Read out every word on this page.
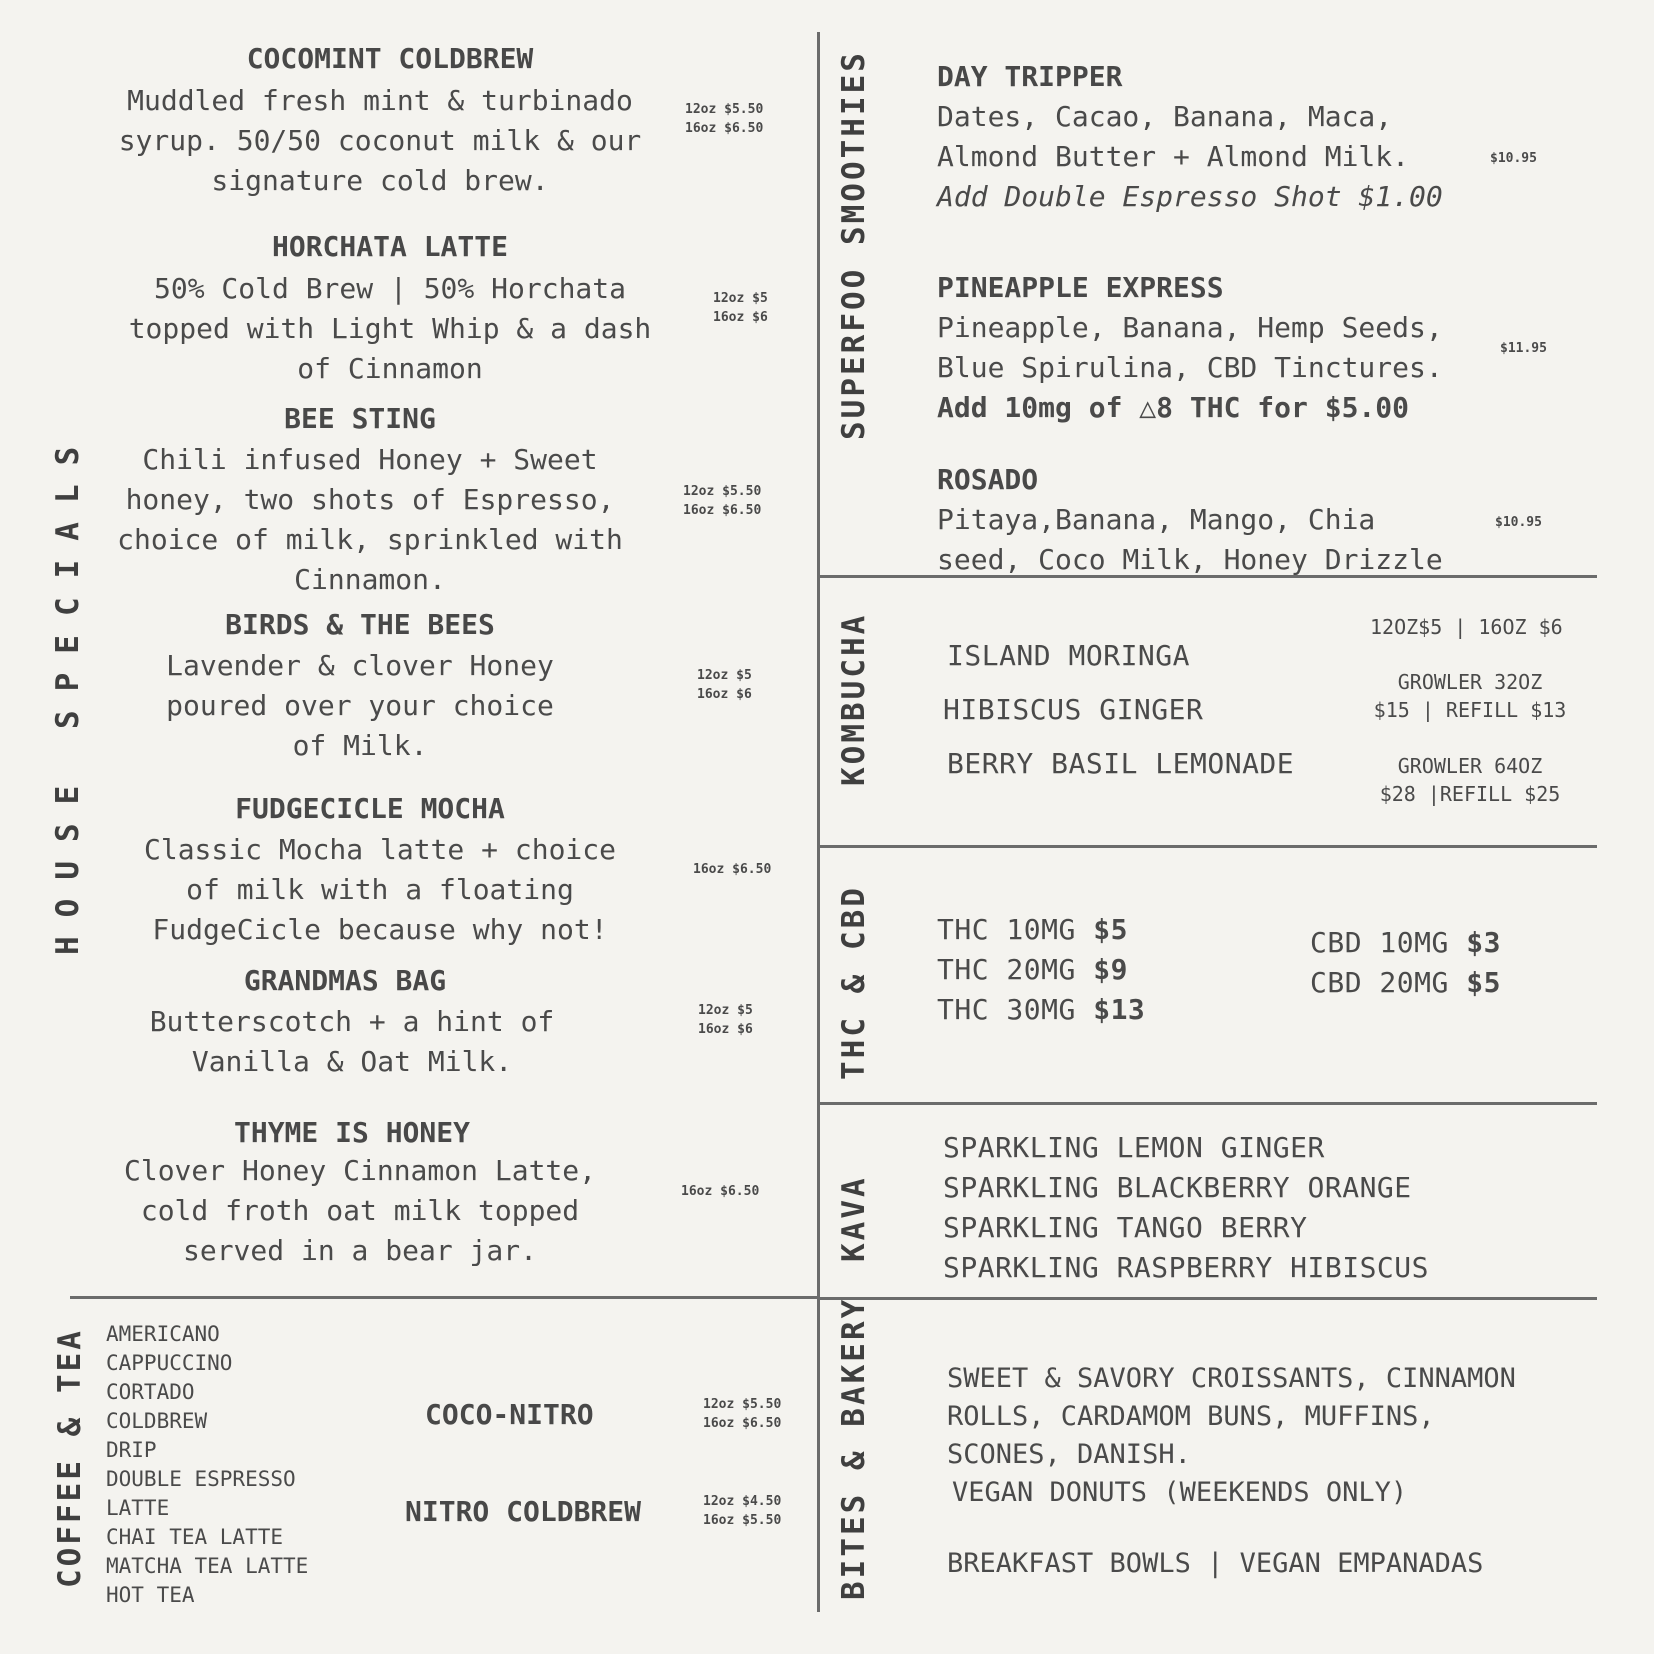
HOUSE SPECIALS
COCOMINT COLDBREW
Muddled fresh mint & turbinado
syrup. 50/50 coconut milk & our
signature cold brew.
12oz $5.50
16oz $6.50
HORCHATA LATTE
50% Cold Brew | 50% Horchata
topped with Light Whip & a dash
of Cinnamon
12oz $5
16oz $6
BEE STING
Chili infused Honey + Sweet
honey, two shots of Espresso,
choice of milk, sprinkled with
Cinnamon.
12oz $5.50
16oz $6.50
BIRDS & THE BEES
Lavender & clover Honey
poured over your choice
of Milk.
12oz $5
16oz $6
FUDGECICLE MOCHA
Classic Mocha latte + choice
of milk with a floating
FudgeCicle because why not!
16oz $6.50
GRANDMAS BAG
Butterscotch + a hint of
Vanilla & Oat Milk.
12oz $5
16oz $6
THYME IS HONEY
Clover Honey Cinnamon Latte,
cold froth oat milk topped
served in a bear jar.
16oz $6.50
COFFEE & TEA AMERICANO
CAPPUCCINO
CORTADO
COLDBREW
DRIP
DOUBLE ESPRESSO
LATTE
CHAI TEA LATTE
MATCHA TEA LATTE
HOT TEA
COCO-NITRO	12oz $5.50
16oz $6.50
NITRO COLDBREW	12oz $4.50
16oz $5.50
SUPERFOO SMOOTHIES DAY TRIPPER
Dates, Cacao, Banana, Maca,
Almond Butter + Almond Milk.
Add Double Espresso Shot $1.00
$10.95
PINEAPPLE EXPRESS
Pineapple, Banana, Hemp Seeds,
Blue Spirulina, CBD Tinctures.
Add 10mg of △8 THC for $5.00
$11.95
ROSADO
Pitaya,Banana, Mango, Chia
seed, Coco Milk, Honey Drizzle
$10.95
KOMBUCHA	ISLAND MORINGA
HIBISCUS GINGER
BERRY BASIL LEMONADE
12OZ$5 | 16OZ $6
GROWLER 32OZ
$15 | REFILL $13
GROWLER 64OZ
$28 |REFILL $25
THC & CBD THC 10MG $5
THC 20MG $9
THC 30MG $13
CBD 10MG $3
CBD 20MG $5
KAVA
SPARKLING LEMON GINGER
SPARKLING BLACKBERRY ORANGE
SPARKLING TANGO BERRY
SPARKLING RASPBERRY HIBISCUS
BITES & BAKERY	SWEET & SAVORY CROISSANTS, CINNAMON
ROLLS, CARDAMOM BUNS, MUFFINS,
SCONES, DANISH.
VEGAN DONUTS (WEEKENDS ONLY)
BREAKFAST BOWLS | VEGAN EMPANADAS
